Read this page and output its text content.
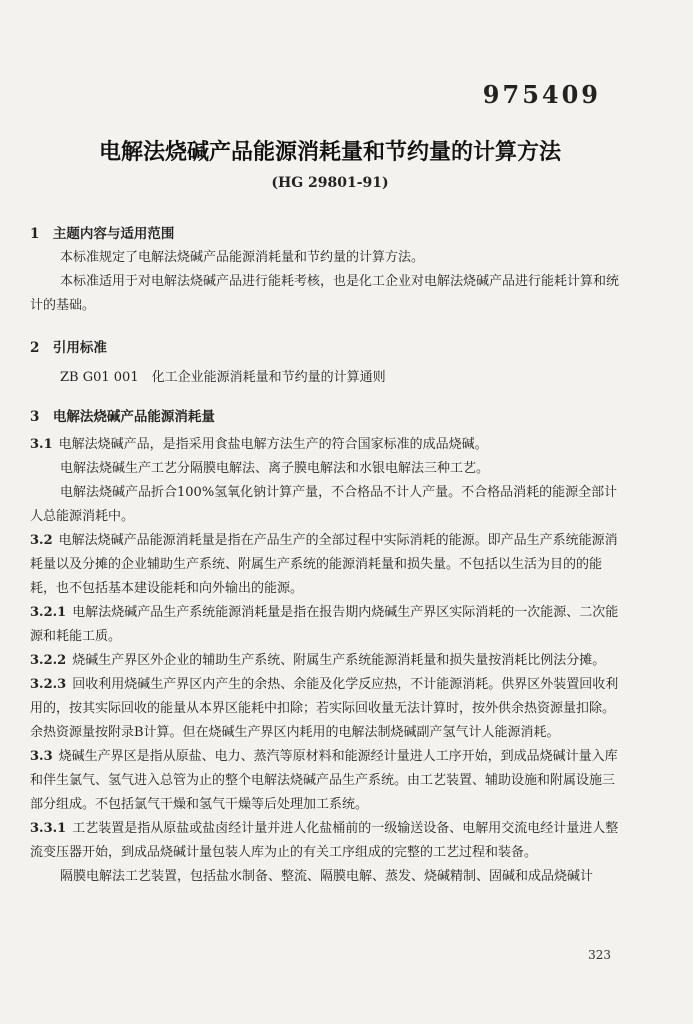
975409
电解法烧碱产品能源消耗量和节约量的计算方法
(HG 29801-91)

1　主题内容与适用范围

本标准规定了电解法烧碱产品能源消耗量和节约量的计算方法。

本标准适用于对电解法烧碱产品进行能耗考核，也是化工企业对电解法烧碱产品进行能耗计算和统计的基础。

2　引用标准

ZB G01 001　化工企业能源消耗量和节约量的计算通则

3　电解法烧碱产品能源消耗量

3.1 电解法烧碱产品，是指采用食盐电解方法生产的符合国家标准的成品烧碱。

电解法烧碱生产工艺分隔膜电解法、离子膜电解法和水银电解法三种工艺。

电解法烧碱产品折合100%氢氧化钠计算产量，不合格品不计人产量。不合格品消耗的能源全部计人总能源消耗中。

3.2 电解法烧碱产品能源消耗量是指在产品生产的全部过程中实际消耗的能源。即产品生产系统能源消耗量以及分摊的企业辅助生产系统、附属生产系统的能源消耗量和损失量。不包括以生活为目的的能耗，也不包括基本建设能耗和向外输出的能源。

3.2.1 电解法烧碱产品生产系统能源消耗量是指在报告期内烧碱生产界区实际消耗的一次能源、二次能源和耗能工质。

3.2.2 烧碱生产界区外企业的辅助生产系统、附属生产系统能源消耗量和损失量按消耗比例法分摊。

3.2.3 回收利用烧碱生产界区内产生的余热、余能及化学反应热，不计能源消耗。供界区外装置回收利用的，按其实际回收的能量从本界区能耗中扣除；若实际回收量无法计算时，按外供余热资源量扣除。余热资源量按附录B计算。但在烧碱生产界区内耗用的电解法制烧碱副产氢气计人能源消耗。

3.3 烧碱生产界区是指从原盐、电力、蒸汽等原材料和能源经计量进人工序开始，到成品烧碱计量入库和伴生氯气、氢气进入总管为止的整个电解法烧碱产品生产系统。由工艺装置、辅助设施和附属设施三部分组成。不包括氯气干燥和氢气干燥等后处理加工系统。

3.3.1 工艺装置是指从原盐或盐卤经计量并进人化盐桶前的一级输送设备、电解用交流电经计量进人整流变压器开始，到成品烧碱计量包装人库为止的有关工序组成的完整的工艺过程和装备。

隔膜电解法工艺装置，包括盐水制备、整流、隔膜电解、蒸发、烧碱精制、固碱和成品烧碱计

323
